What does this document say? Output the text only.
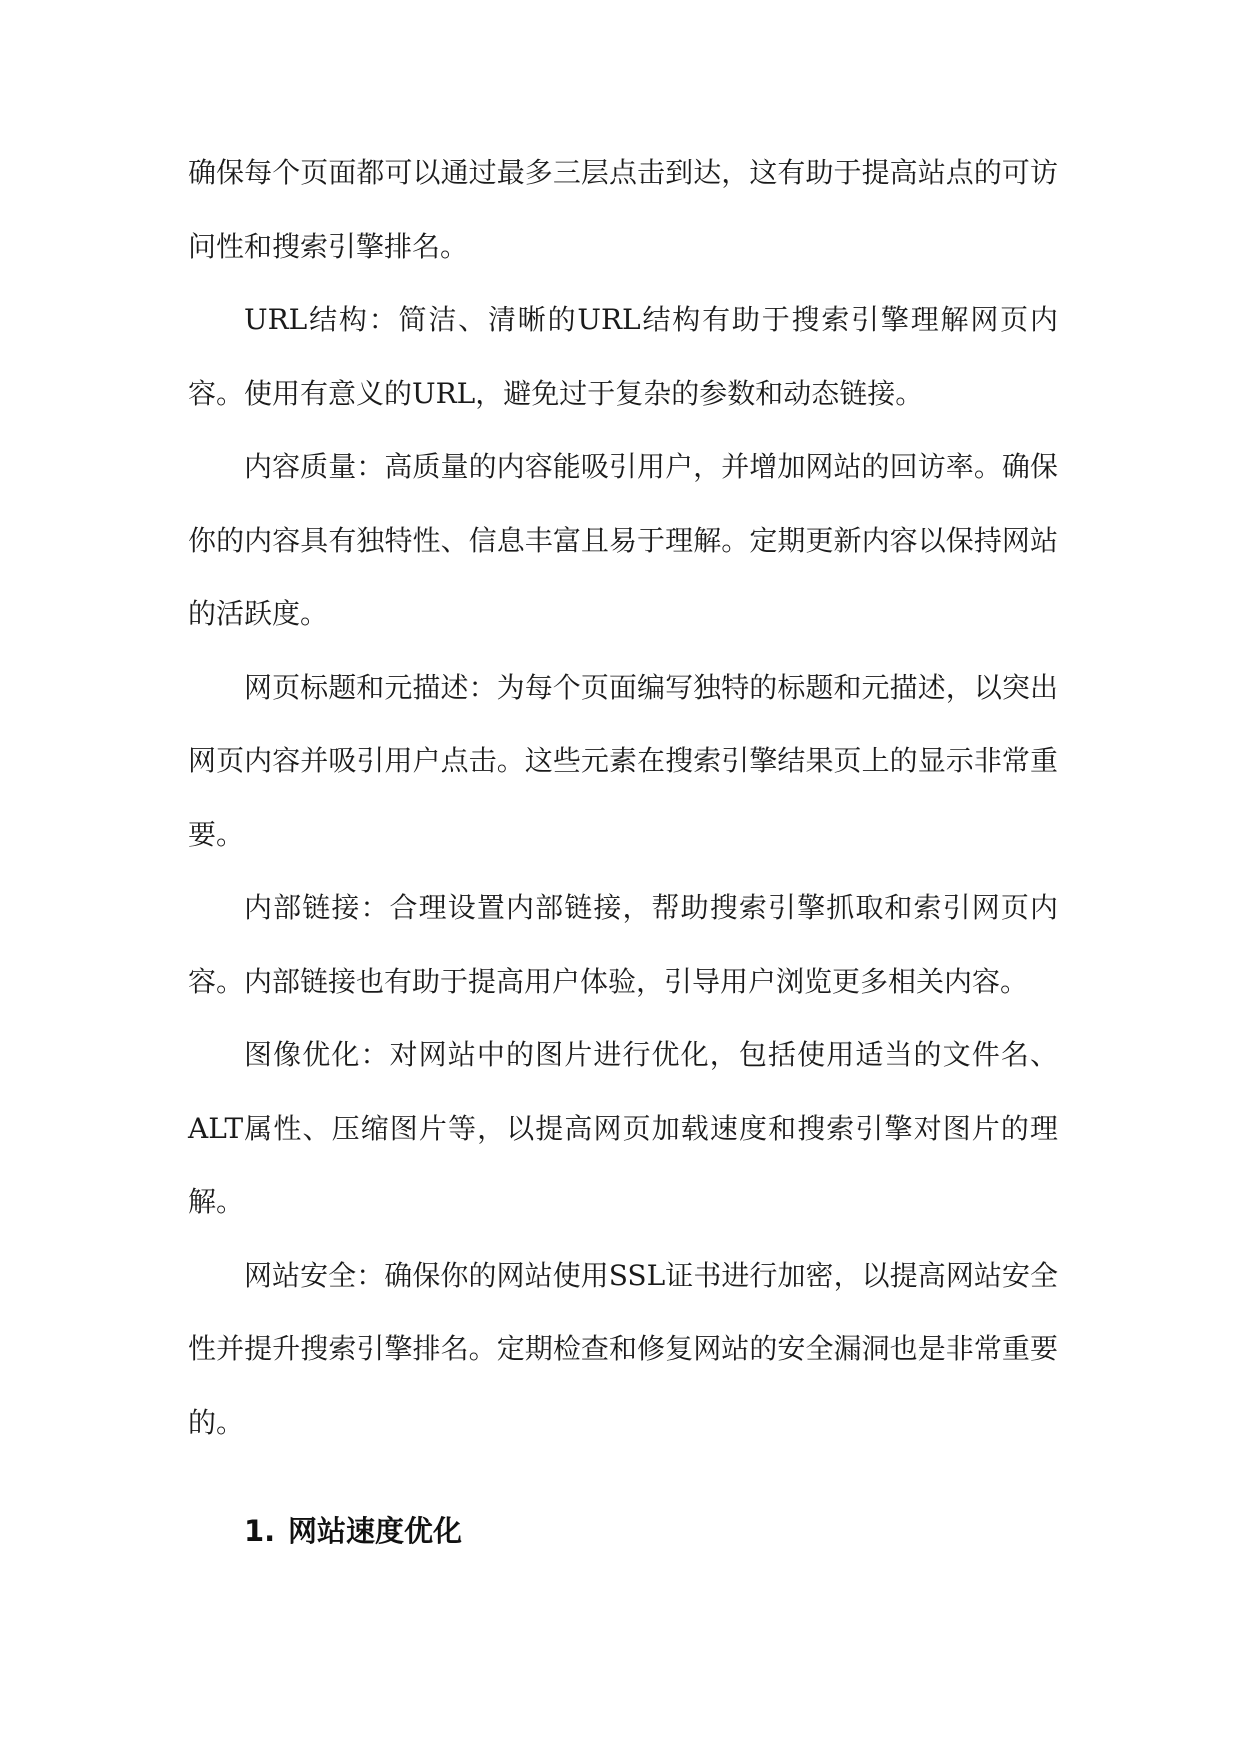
确保每个页面都可以通过最多三层点击到达，这有助于提高站点的可访问性和搜索引擎排名。

URL结构：简洁、清晰的URL结构有助于搜索引擎理解网页内容。使用有意义的URL，避免过于复杂的参数和动态链接。

内容质量：高质量的内容能吸引用户，并增加网站的回访率。确保你的内容具有独特性、信息丰富且易于理解。定期更新内容以保持网站的活跃度。

网页标题和元描述：为每个页面编写独特的标题和元描述，以突出网页内容并吸引用户点击。这些元素在搜索引擎结果页上的显示非常重要。

内部链接：合理设置内部链接，帮助搜索引擎抓取和索引网页内容。内部链接也有助于提高用户体验，引导用户浏览更多相关内容。

图像优化：对网站中的图片进行优化，包括使用适当的文件名、ALT属性、压缩图片等，以提高网页加载速度和搜索引擎对图片的理解。

网站安全：确保你的网站使用SSL证书进行加密，以提高网站安全性并提升搜索引擎排名。定期检查和修复网站的安全漏洞也是非常重要的。

1. 网站速度优化
